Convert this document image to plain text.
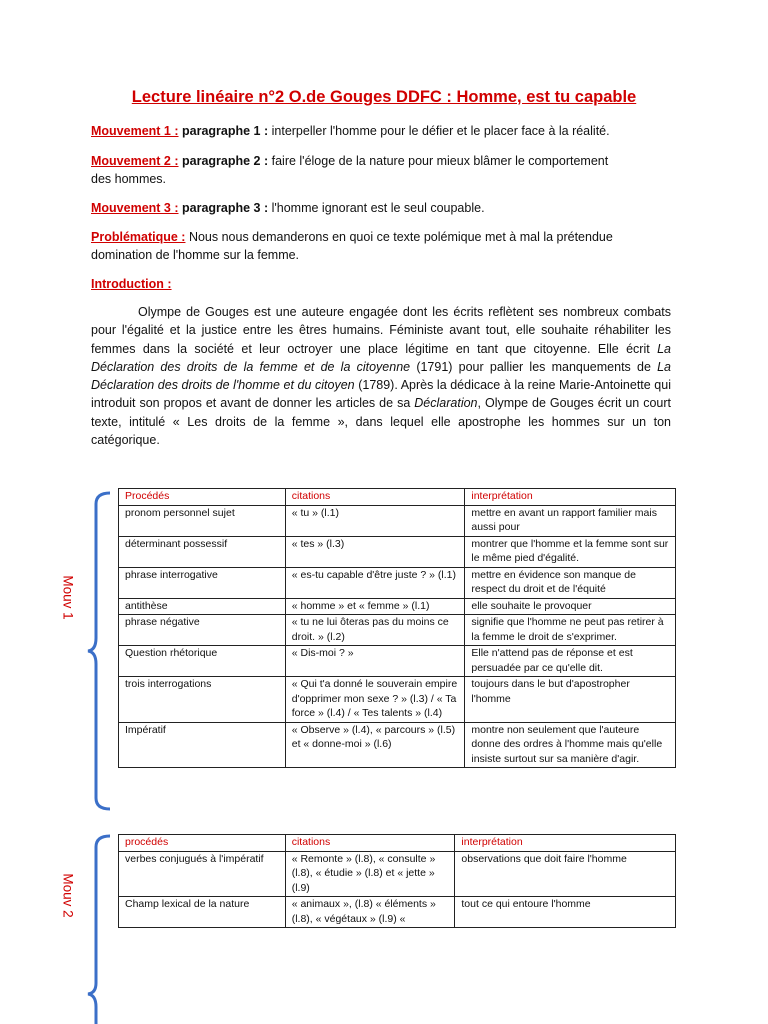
Lecture linéaire n°2 O.de Gouges DDFC : Homme, est tu capable
Mouvement 1 : paragraphe 1 : interpeller l'homme pour le défier et le placer face à la réalité.
Mouvement 2 : paragraphe 2 : faire l'éloge de la nature pour mieux blâmer le comportement
des hommes.
Mouvement 3 : paragraphe 3 : l'homme ignorant est le seul coupable.
Problématique : Nous nous demanderons en quoi ce texte polémique met à mal la prétendue
domination de l'homme sur la femme.
Introduction :
Olympe de Gouges est une auteure engagée dont les écrits reflètent ses nombreux combats pour l'égalité et la justice entre les êtres humains. Féministe avant tout, elle souhaite réhabiliter les femmes dans la société et leur octroyer une place légitime en tant que citoyenne. Elle écrit La Déclaration des droits de la femme et de la citoyenne (1791) pour pallier les manquements de La Déclaration des droits de l'homme et du citoyen (1789). Après la dédicace à la reine Marie-Antoinette qui introduit son propos et avant de donner les articles de sa Déclaration, Olympe de Gouges écrit un court texte, intitulé « Les droits de la femme », dans lequel elle apostrophe les hommes sur un ton catégorique.
Mouv 1
Procédés	citations	interprétation
pronom personnel sujet	« tu » (l.1)	mettre en avant un rapport familier mais aussi pour
déterminant possessif	« tes » (l.3)	montrer que l'homme et la femme sont sur le même pied d'égalité.
phrase interrogative	« es-tu capable d'être juste ? » (l.1)	mettre en évidence son manque de respect du droit et de l'équité
antithèse	« homme » et « femme » (l.1)	elle souhaite le provoquer
phrase négative	« tu ne lui ôteras pas du moins ce droit. » (l.2)	signifie que l'homme ne peut pas retirer à la femme le droit de s'exprimer.
Question rhétorique	« Dis-moi ? »	Elle n'attend pas de réponse et est persuadée par ce qu'elle dit.
trois interrogations	« Qui t'a donné le souverain empire d'opprimer mon sexe ? » (l.3) / « Ta force » (l.4) / « Tes talents » (l.4)	toujours dans le but d'apostropher l'homme
Impératif	« Observe » (l.4), « parcours » (l.5) et « donne-moi » (l.6)	montre non seulement que l'auteure donne des ordres à l'homme mais qu'elle insiste surtout sur sa manière d'agir.
Mouv 2
procédés	citations	interprétation
verbes conjugués à l'impératif	« Remonte » (l.8), « consulte » (l.8), « étudie » (l.8) et « jette » (l.9)	observations que doit faire l'homme
Champ lexical de la nature	« animaux », (l.8) « éléments » (l.8), « végétaux » (l.9) «	tout ce qui entoure l'homme
